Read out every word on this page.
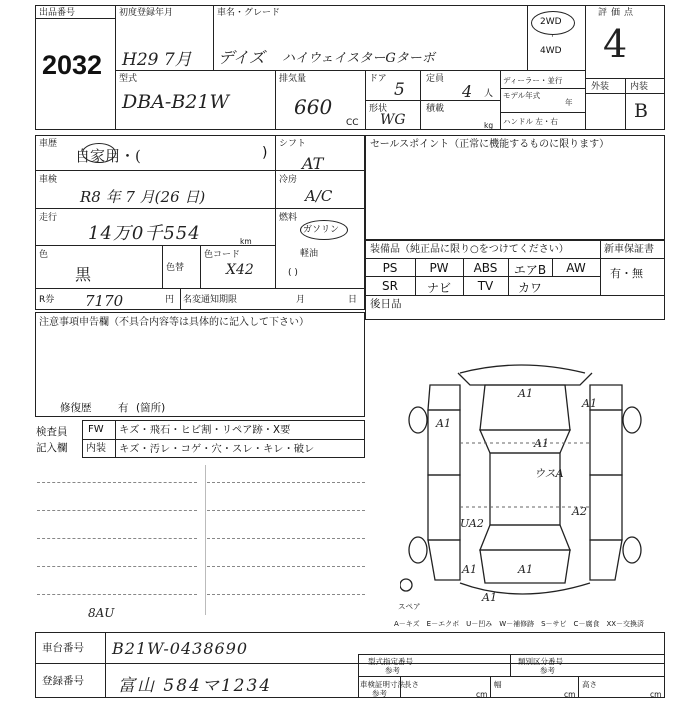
出品番号
2032
初度登録年月
H29 7月
車名・グレード
デイズ ハイウェイスターGターボ
2WD
·
4WD
評価点
4
型式
DBA-B21W
排気量
660
CC
ドア
5
定員
4 人
形状
WG
積載
kg
ディーラー・並行
モデル年式
年
ハンドル 左・右
外装 内装
B
車歴
自家用・(	)
シフト
AT
車検
R8 年 7 月(26 日)
冷房
A/C
走行
14万0千554	km
燃料
ガソリン
軽油
( )
色
黒	色替
色コード
X42
R券 7170	円 名変通知期限	月	日
セールスポイント（正常に機能するものに限ります）
装備品（純正品に限り○をつけてください）	新車保証書
有・無
PS	PW	ABS	エアB	AW
SR	ナビ	TV	カワ
後日品
注意事項申告欄（不具合内容等は具体的に記入して下さい）
修復歴	有 (箇所)
検査員
記入欄
FW キズ・飛石・ヒビ割・リペア跡・X要
内装 キズ・汚レ・コゲ・穴・スレ・キレ・破レ
8AU
A1
A1
A1
A1
ウスA
A2
UA2
A1	A1
A1
スペア
A－キズ　E－エクボ　U－凹み　W－補修跡　S－サビ　C－腐食　XX－交換済
車台番号 B21W-0438690
登録番号 富山 584マ1234
型式指定番号
参考
類別区分番号
参考
車検証明寸法
参考
長さ
cm
幅
cm
高さ
cm
